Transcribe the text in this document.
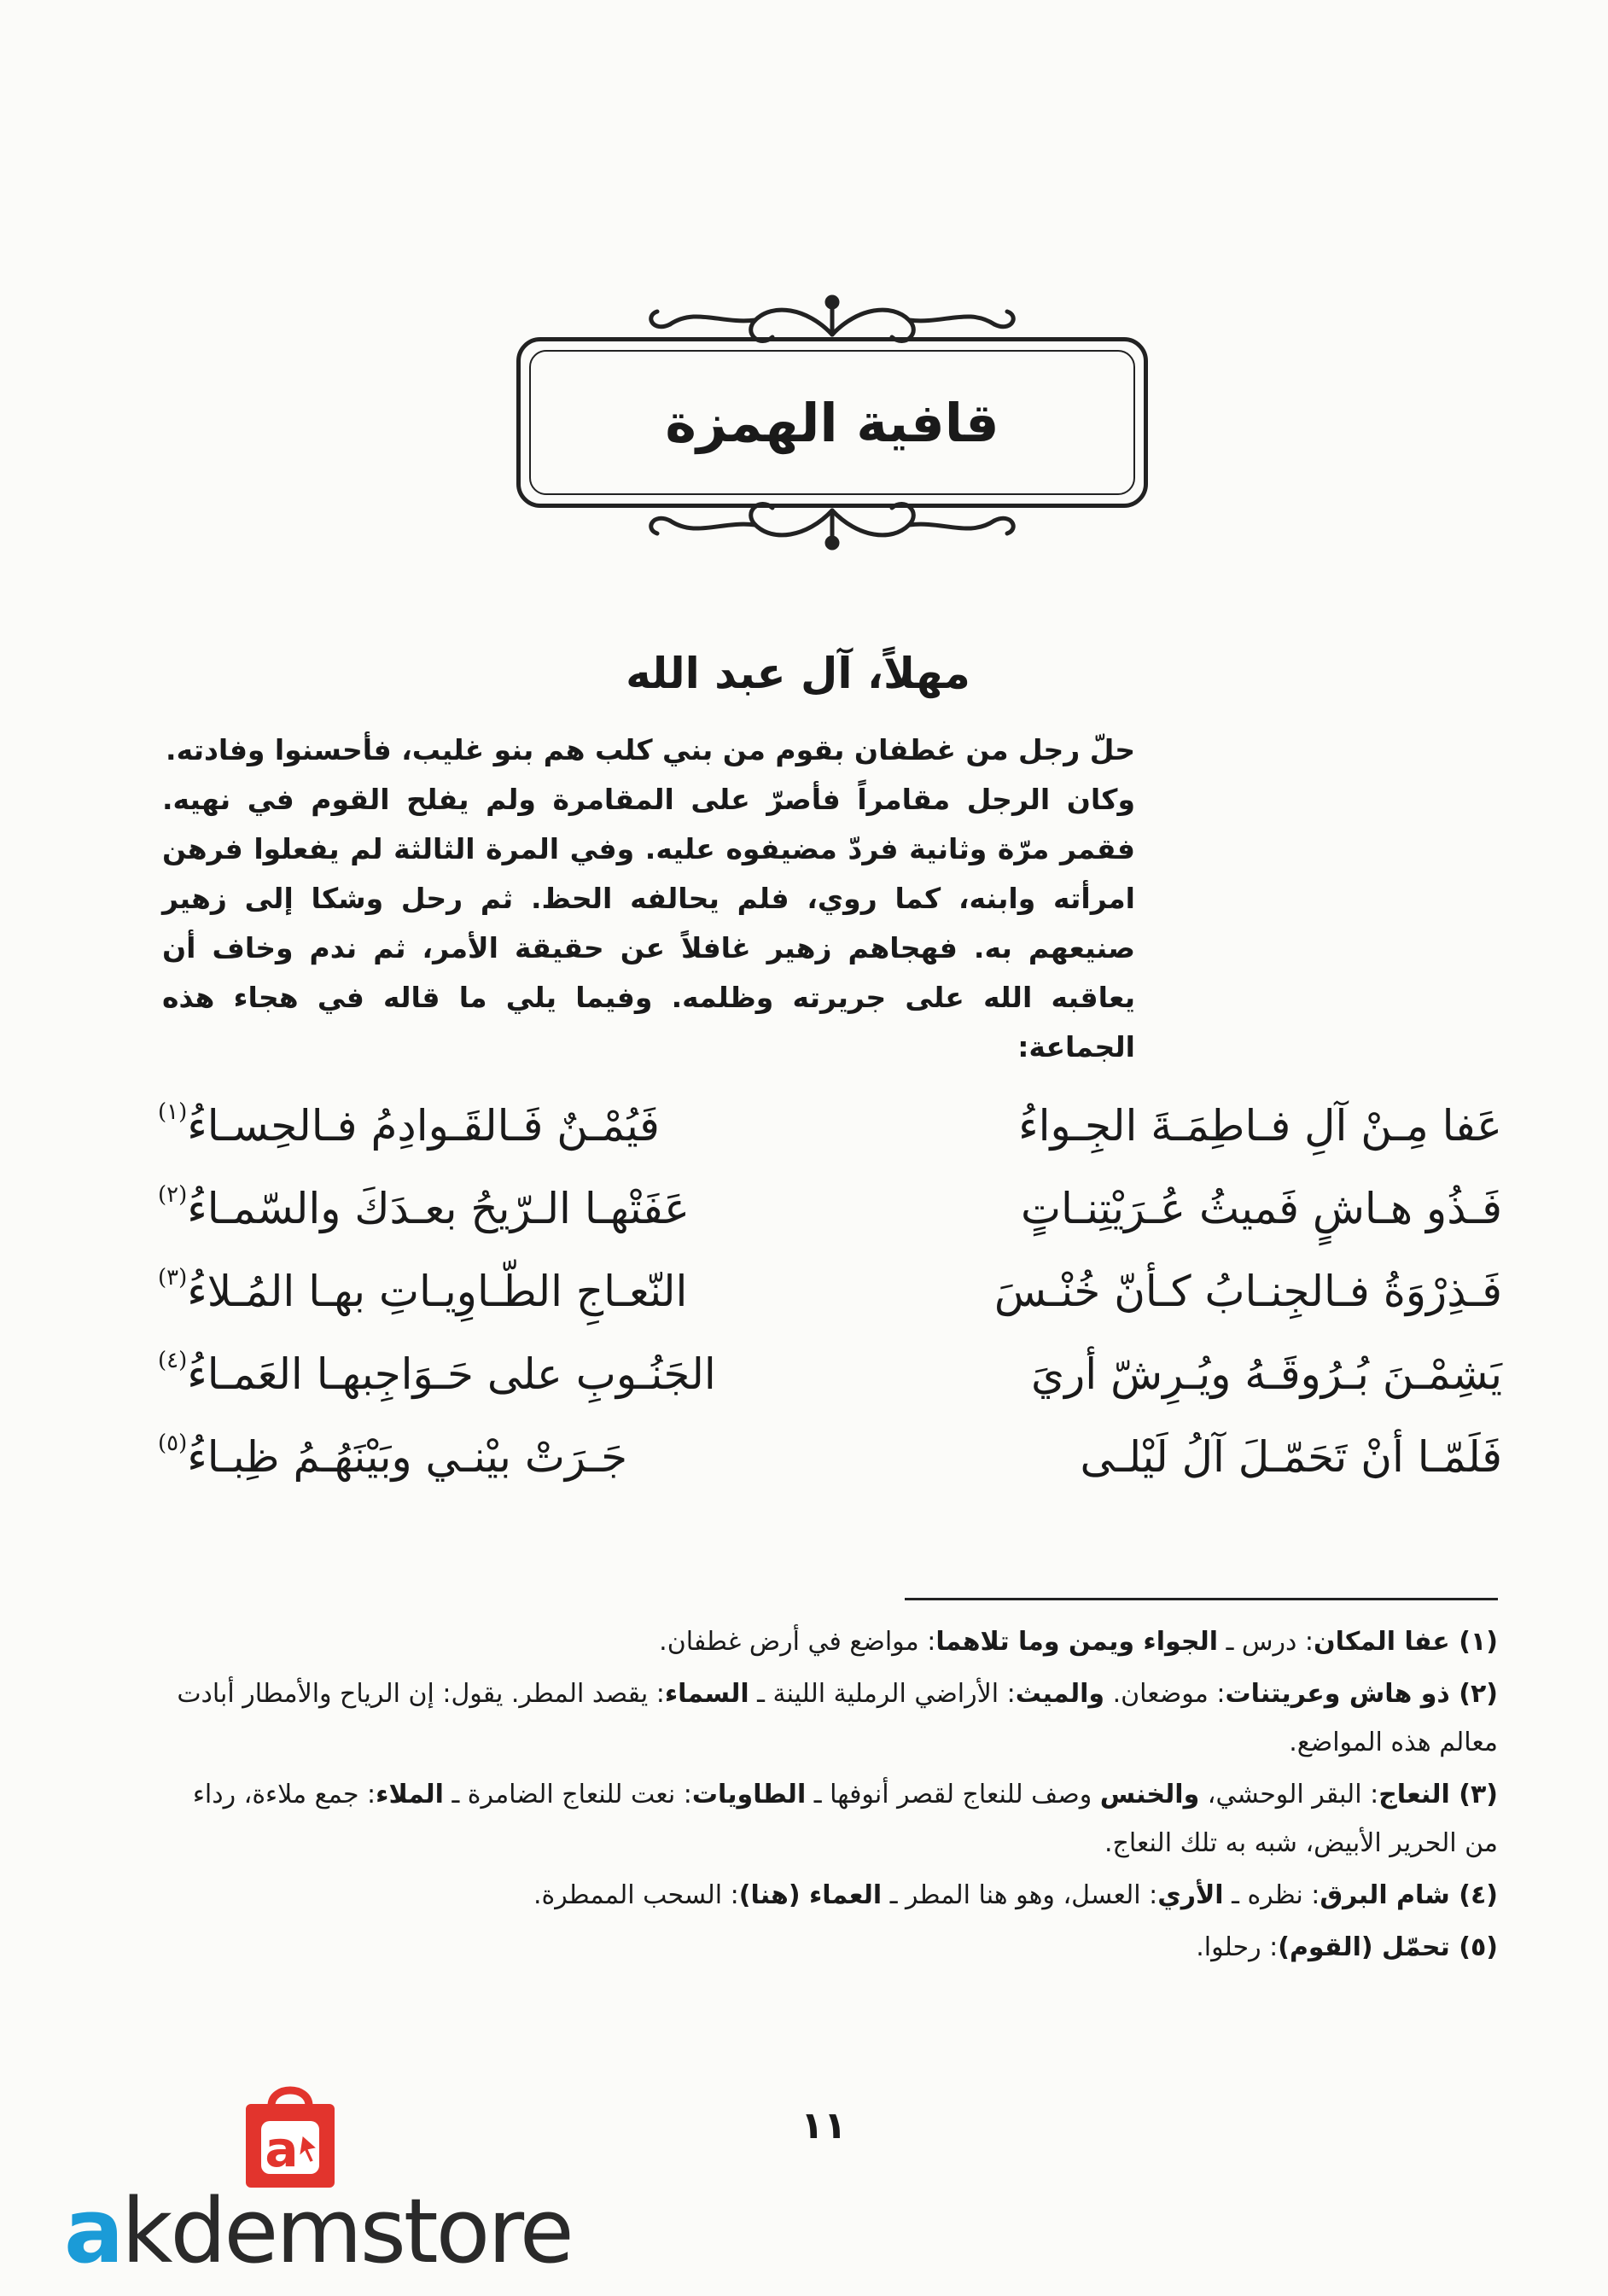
قافية الهمزة
مهلاً، آل عبد الله

حلّ رجل من غطفان بقوم من بني كلب هم بنو غليب، فأحسنوا وفادته.

وكان الرجل مقامراً فأصرّ على المقامرة ولم يفلح القوم في نهيه. فقمر مرّة وثانية فردّ مضيفوه عليه. وفي المرة الثالثة لم يفعلوا فرهن امرأته وابنه، كما روي، فلم يحالفه الحظ. ثم رحل وشكا إلى زهير صنيعهم به. فهجاهم زهير غافلاً عن حقيقة الأمر، ثم ندم وخاف أن يعاقبه الله على جريرته وظلمه. وفيما يلي ما قاله في هجاء هذه الجماعة:

عَفا مِـنْ آلِ فـاطِمَـةَ الجِـواءُ
فَيُمْـنٌ فَـالقَـوادِمُ فـالحِسـاءُ$^{(١)}$
فَـذُو هـاشٍ فَميثُ عُـرَيْتِنـاتٍ
عَفَتْهـا الـرّيحُ بعـدَكَ والسّمـاءُ$^{(٢)}$
فَـذِرْوَةُ فـالجِنـابُ كـأنّ خُنْـسَ
النّعـاجِ الطّـاوِيـاتِ بهـا المُـلاءُ$^{(٣)}$
يَشِمْـنَ بُـرُوقَـهُ ويُـرِشّ أريَ
الجَنُـوبِ على حَـوَاجِبهـا العَمـاءُ$^{(٤)}$
فَلَمّـا أنْ تَحَمّـلَ آلُ لَيْلـى
جَـرَتْ بيْنـي وبَيْنَهُـمُ ظِبـاءُ$^{(٥)}$

(١) عفا المكان: درس ـ الجواء ويمن وما تلاهما: مواضع في أرض غطفان.

(٢) ذو هاش وعريتنات: موضعان. والميث: الأراضي الرملية اللينة ـ السماء: يقصد المطر. يقول: إن الرياح والأمطار أبادت معالم هذه المواضع.

(٣) النعاج: البقر الوحشي، والخنس وصف للنعاج لقصر أنوفها ـ الطاويات: نعت للنعاج الضامرة ـ الملاء: جمع ملاءة، رداء من الحرير الأبيض، شبه به تلك النعاج.

(٤) شام البرق: نظره ـ الأري: العسل، وهو هنا المطر ـ العماء (هنا): السحب الممطرة.

(٥) تحمّل (القوم): رحلوا.

١١
a
akdemstore
